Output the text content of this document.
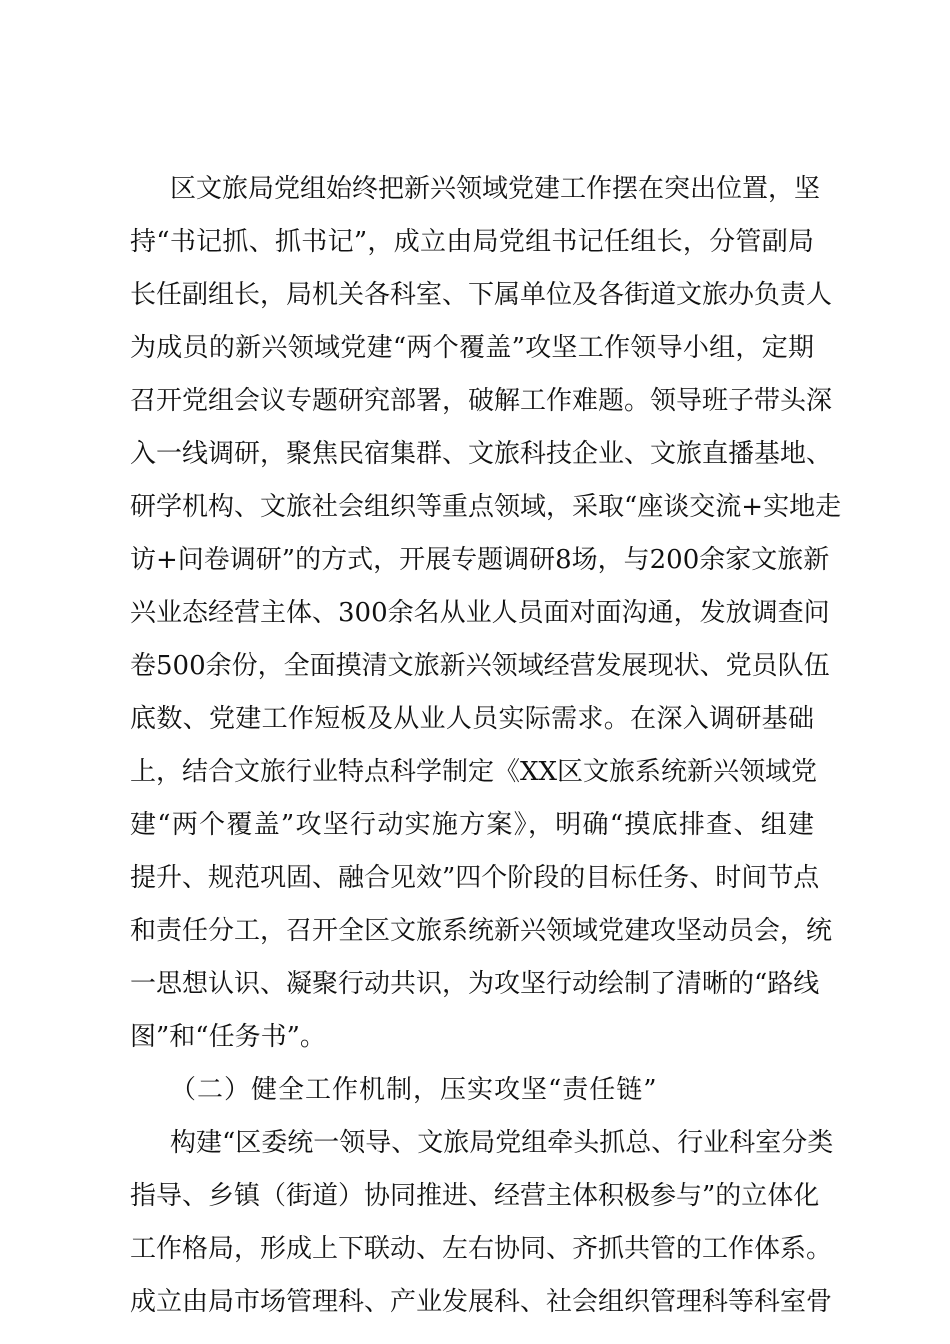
区文旅局党组始终把新兴领域党建工作摆在突出位置，坚

持“书记抓、抓书记”，成立由局党组书记任组长，分管副局

长任副组长，局机关各科室、下属单位及各街道文旅办负责人

为成员的新兴领域党建“两个覆盖”攻坚工作领导小组，定期

召开党组会议专题研究部署，破解工作难题。领导班子带头深

入一线调研，聚焦民宿集群、文旅科技企业、文旅直播基地、

研学机构、文旅社会组织等重点领域，采取“座谈交流+实地走

访+问卷调研”的方式，开展专题调研8场，与200余家文旅新

兴业态经营主体、300余名从业人员面对面沟通，发放调查问

卷500余份，全面摸清文旅新兴领域经营发展现状、党员队伍

底数、党建工作短板及从业人员实际需求。在深入调研基础

上，结合文旅行业特点科学制定《XX区文旅系统新兴领域党

建“两个覆盖”攻坚行动实施方案》，明确“摸底排查、组建

提升、规范巩固、融合见效”四个阶段的目标任务、时间节点

和责任分工，召开全区文旅系统新兴领域党建攻坚动员会，统

一思想认识、凝聚行动共识，为攻坚行动绘制了清晰的“路线

图”和“任务书”。

（二）健全工作机制，压实攻坚“责任链”

构建“区委统一领导、文旅局党组牵头抓总、行业科室分类

指导、乡镇（街道）协同推进、经营主体积极参与”的立体化

工作格局，形成上下联动、左右协同、齐抓共管的工作体系。

成立由局市场管理科、产业发展科、社会组织管理科等科室骨
